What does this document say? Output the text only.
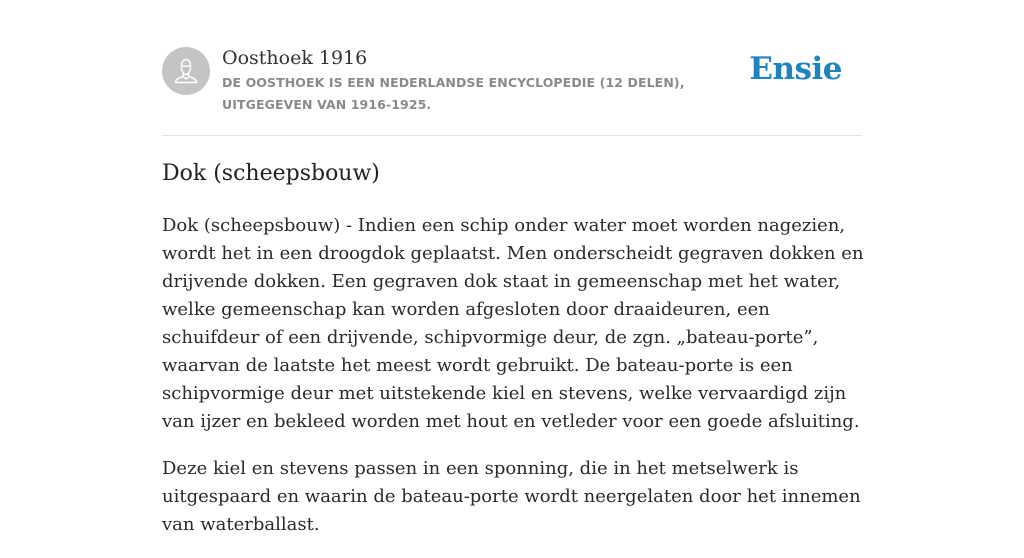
Oosthoek 1916
DE OOSTHOEK IS EEN NEDERLANDSE ENCYCLOPEDIE (12 DELEN), UITGEGEVEN VAN 1916-1925.
Ensie
Dok (scheepsbouw)

Dok (scheepsbouw) - Indien een schip onder water moet worden nagezien, wordt het in een droogdok geplaatst. Men onderscheidt gegraven dokken en drijvende dokken. Een gegraven dok staat in gemeenschap met het water, welke gemeenschap kan worden afgesloten door draaideuren, een schuifdeur of een drijvende, schipvormige deur, de zgn. „bateau-porte”, waarvan de laatste het meest wordt gebruikt. De bateau-porte is een schipvormige deur met uitstekende kiel en stevens, welke vervaardigd zijn van ijzer en bekleed worden met hout en vetleder voor een goede afsluiting.

Deze kiel en stevens passen in een sponning, die in het metselwerk is uitgespaard en waarin de bateau-porte wordt neergelaten door het innemen van waterballast.
